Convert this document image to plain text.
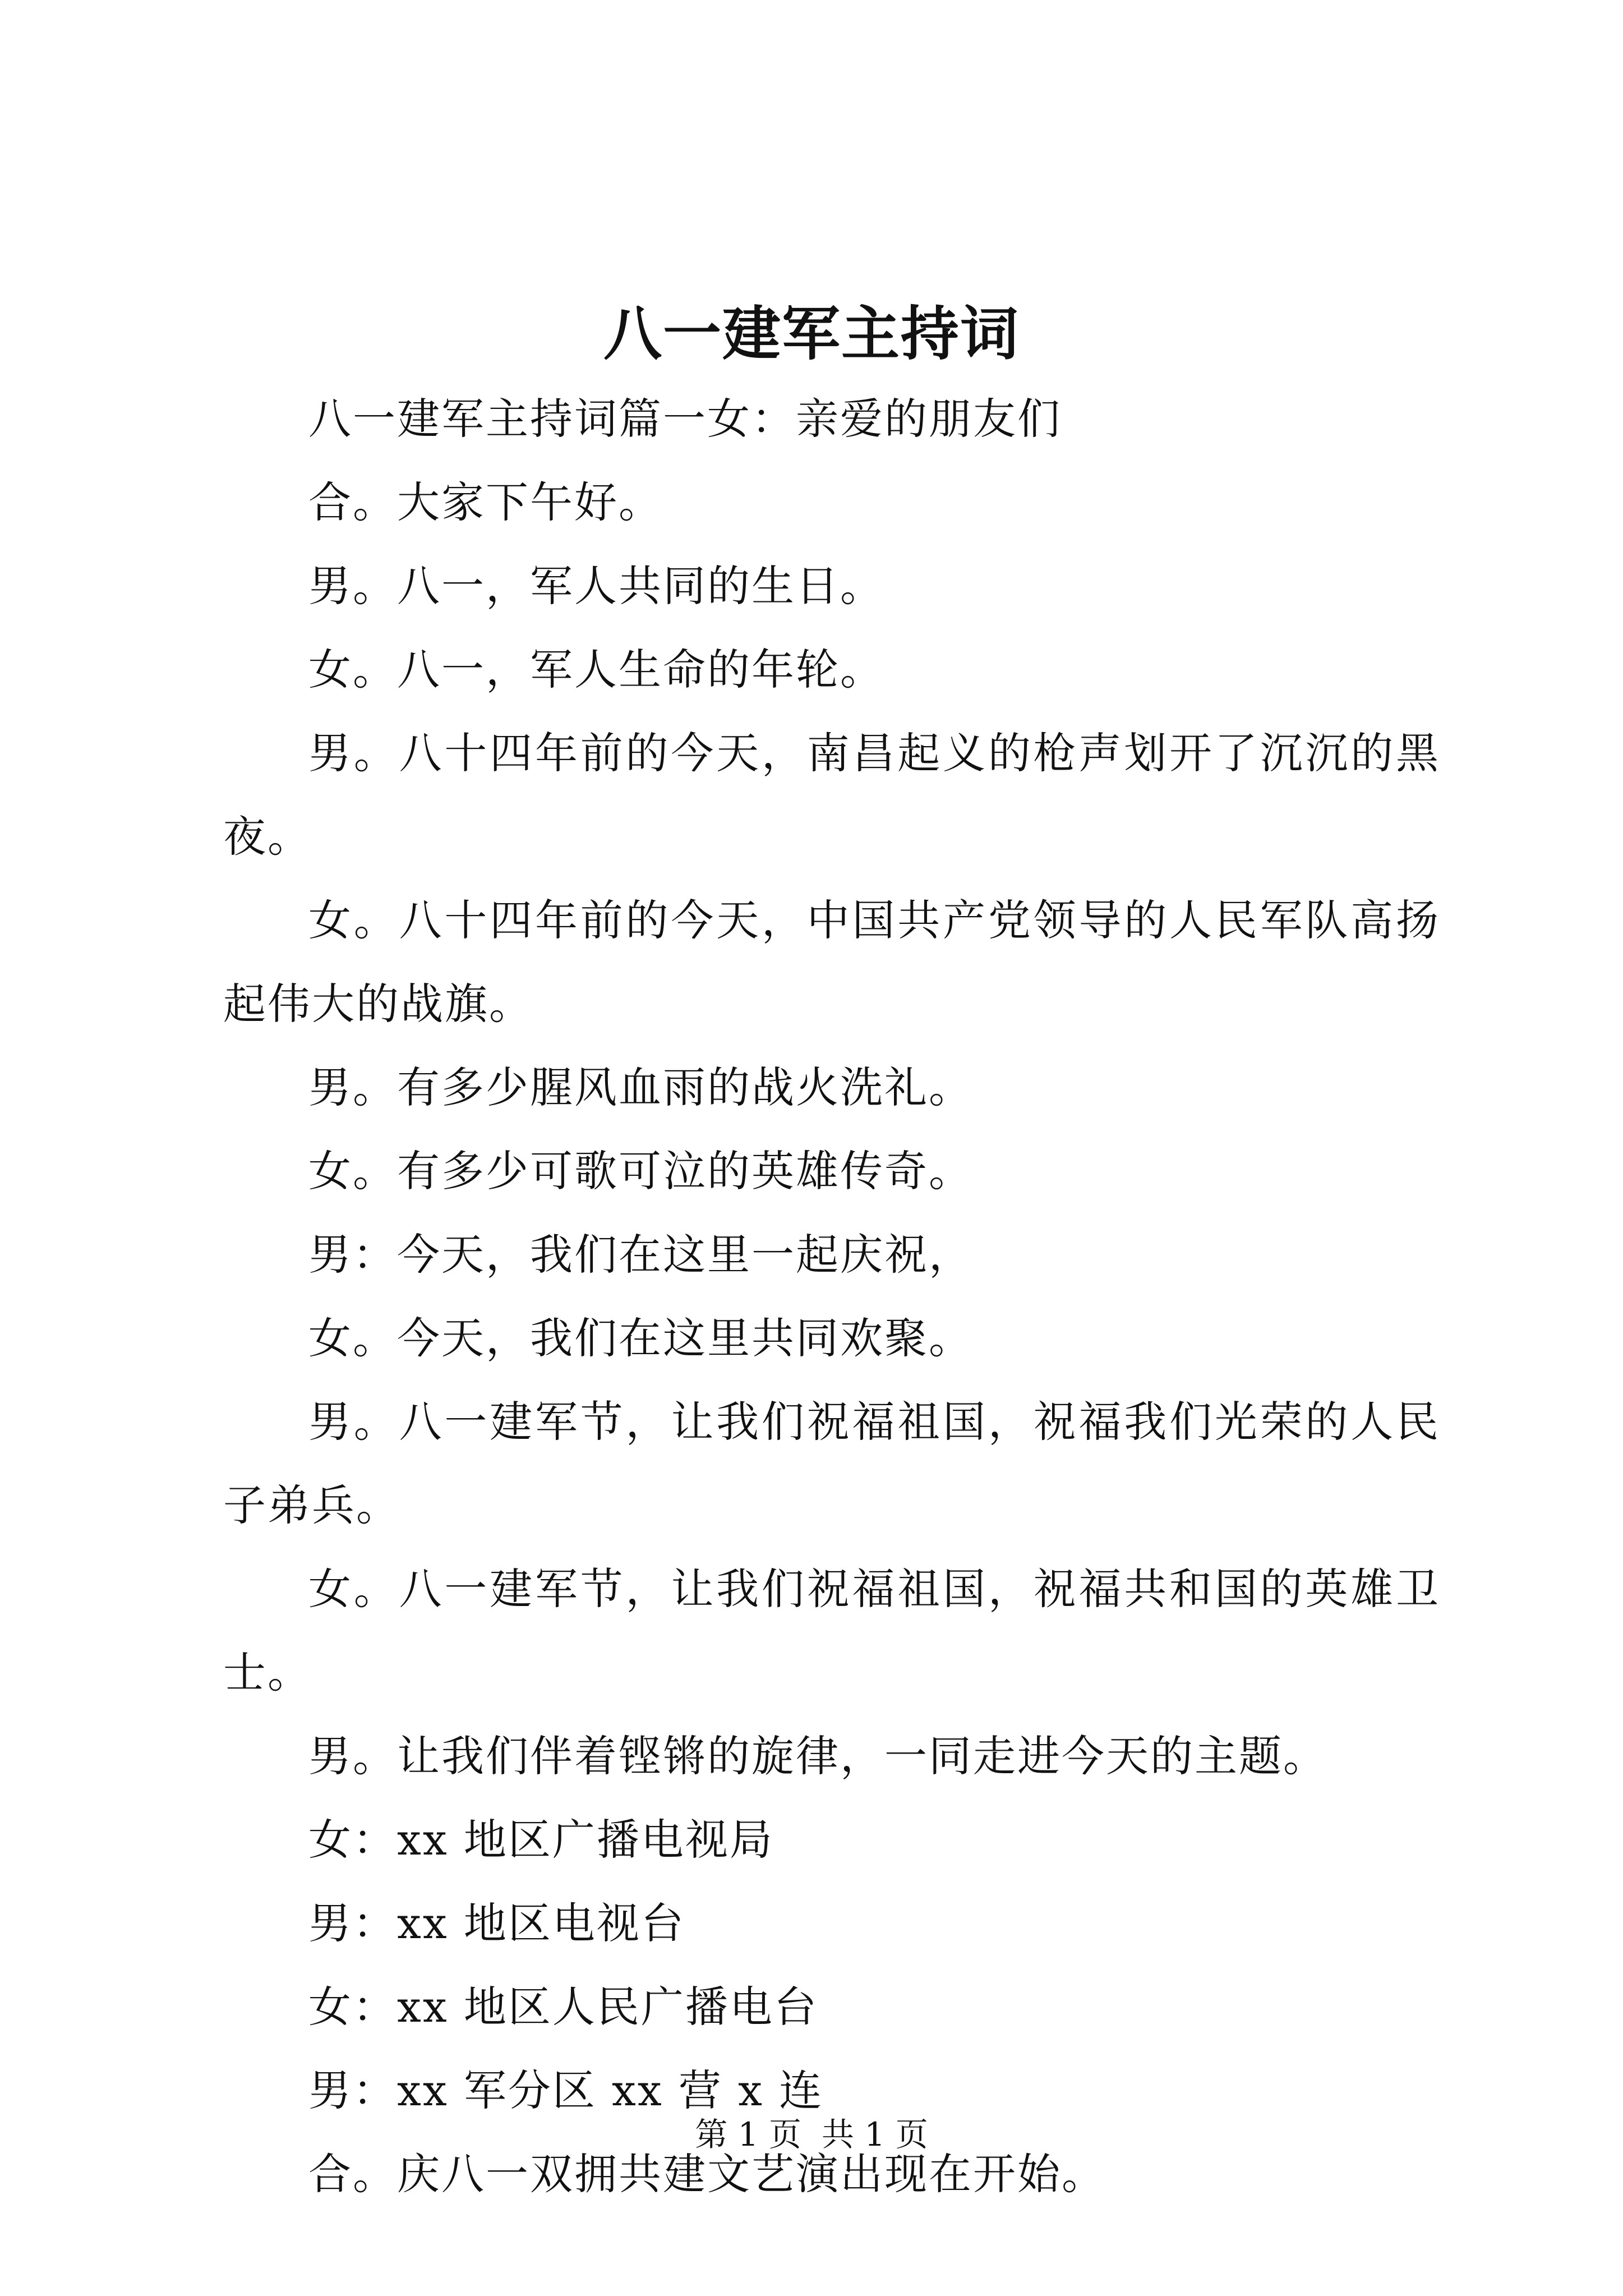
八一建军主持词

八一建军主持词篇一女：亲爱的朋友们

合。大家下午好。

男。八一，军人共同的生日。

女。八一，军人生命的年轮。

男。八十四年前的今天，南昌起义的枪声划开了沉沉的黑夜。

女。八十四年前的今天，中国共产党领导的人民军队高扬起伟大的战旗。

男。有多少腥风血雨的战火洗礼。

女。有多少可歌可泣的英雄传奇。

男：今天，我们在这里一起庆祝，

女。今天，我们在这里共同欢聚。

男。八一建军节，让我们祝福祖国，祝福我们光荣的人民子弟兵。

女。八一建军节，让我们祝福祖国，祝福共和国的英雄卫士。

男。让我们伴着铿锵的旋律，一同走进今天的主题。

女：xx 地区广播电视局

男：xx 地区电视台

女：xx 地区人民广播电台

男：xx 军分区 xx 营 x 连

合。庆八一双拥共建文艺演出现在开始。

第 1 页 共 1 页
